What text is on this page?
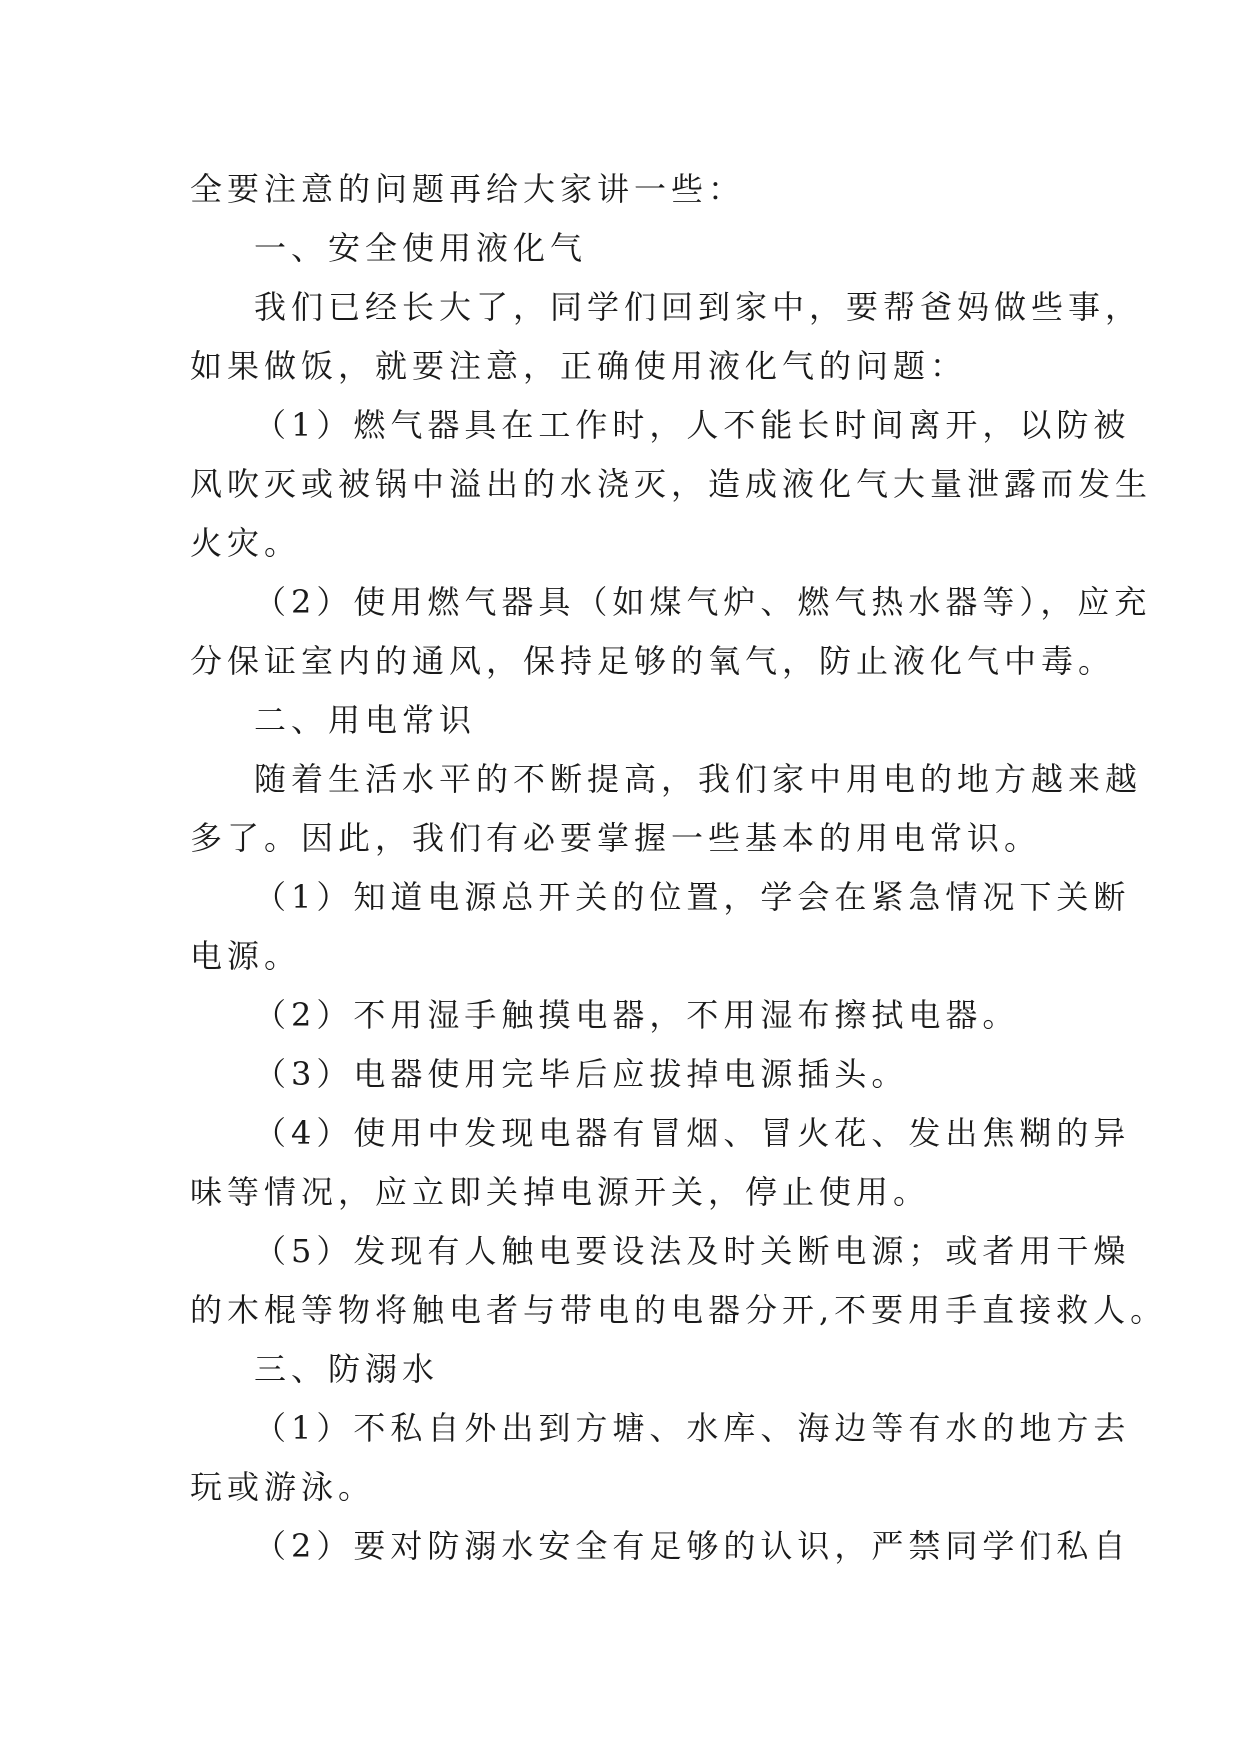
全要注意的问题再给大家讲一些：

一、安全使用液化气

我们已经长大了，同学们回到家中，要帮爸妈做些事，

如果做饭，就要注意，正确使用液化气的问题：

（1）燃气器具在工作时，人不能长时间离开，以防被

风吹灭或被锅中溢出的水浇灭，造成液化气大量泄露而发生

火灾。

（2）使用燃气器具（如煤气炉、燃气热水器等），应充

分保证室内的通风，保持足够的氧气，防止液化气中毒。

二、用电常识

随着生活水平的不断提高，我们家中用电的地方越来越

多了。因此，我们有必要掌握一些基本的用电常识。

（1）知道电源总开关的位置，学会在紧急情况下关断

电源。

（2）不用湿手触摸电器，不用湿布擦拭电器。

（3）电器使用完毕后应拔掉电源插头。

（4）使用中发现电器有冒烟、冒火花、发出焦糊的异

味等情况，应立即关掉电源开关，停止使用。

（5）发现有人触电要设法及时关断电源；或者用干燥

的木棍等物将触电者与带电的电器分开,不要用手直接救人。

三、防溺水

（1）不私自外出到方塘、水库、海边等有水的地方去

玩或游泳。

（2）要对防溺水安全有足够的认识，严禁同学们私自
